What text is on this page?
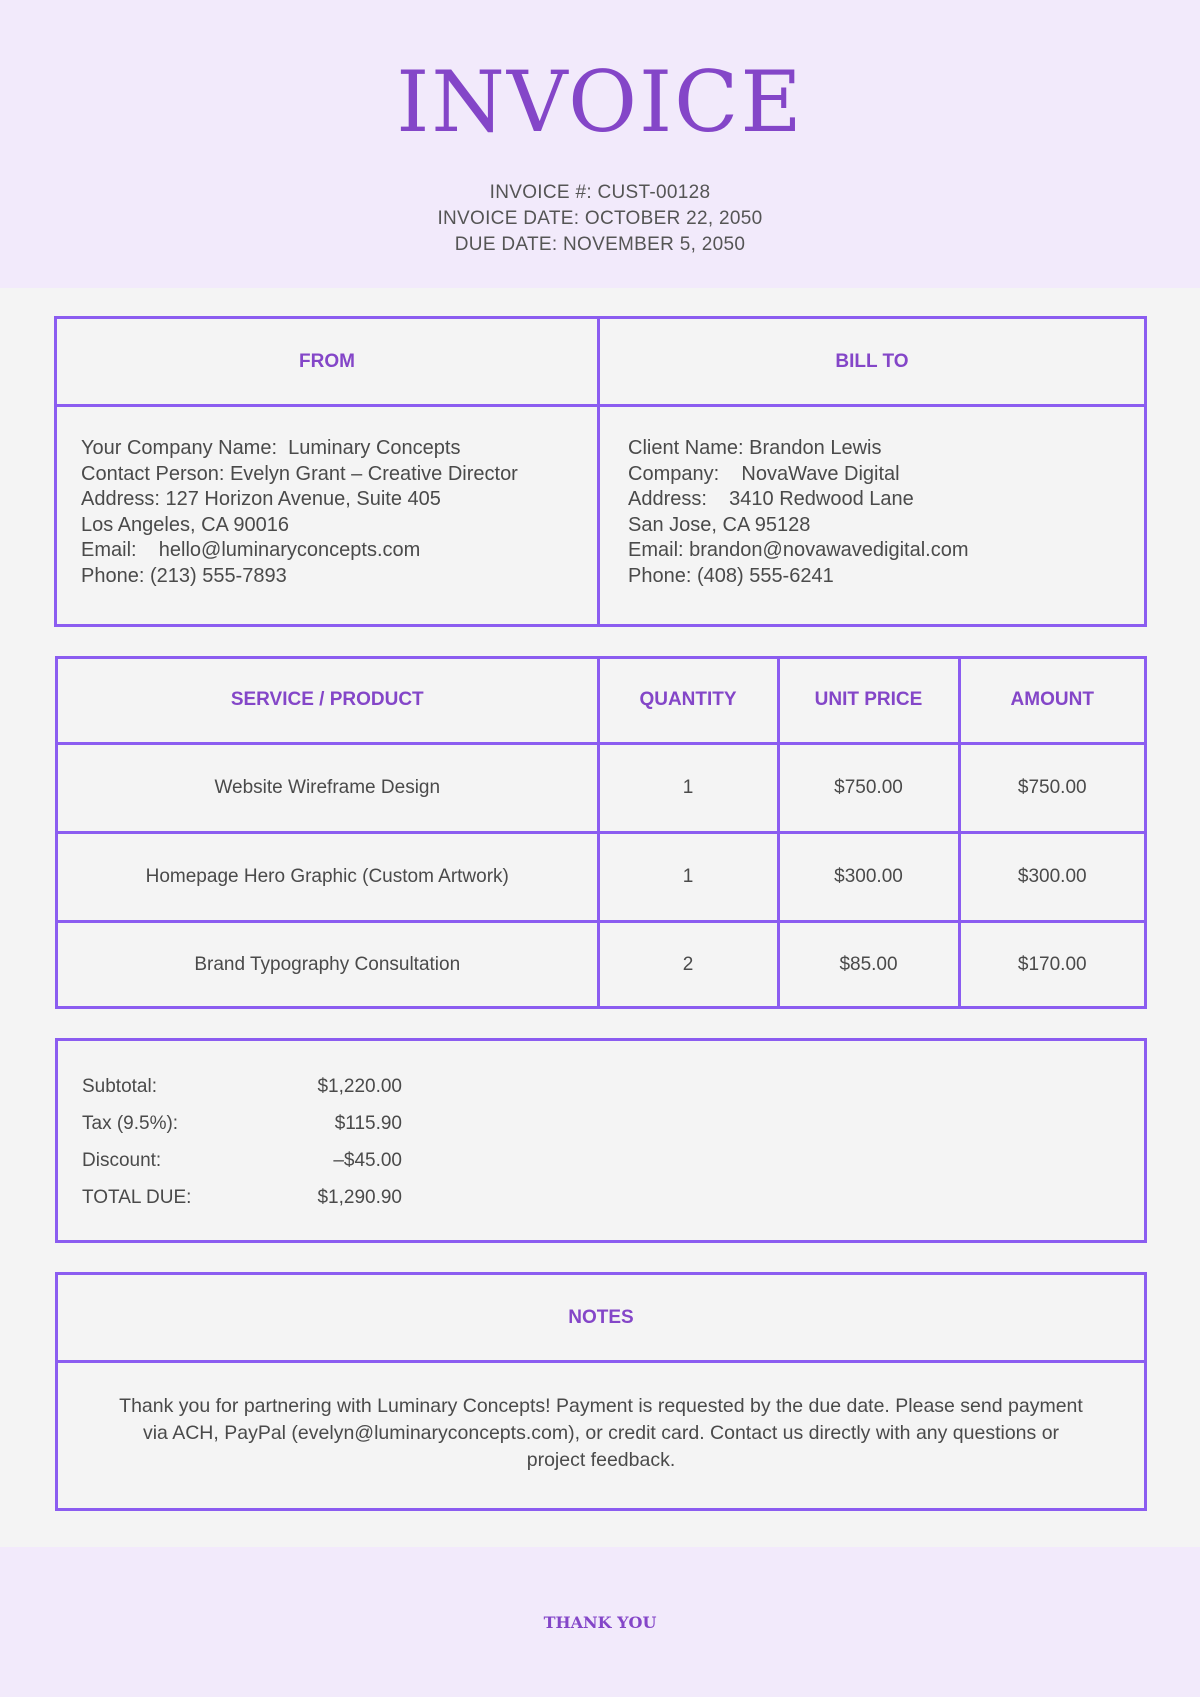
INVOICE
INVOICE #: CUST-00128
INVOICE DATE: OCTOBER 22, 2050
DUE DATE: NOVEMBER 5, 2050
FROM	BILL TO
Your Company Name:  Luminary Concepts
Contact Person: Evelyn Grant – Creative Director
Address: 127 Horizon Avenue, Suite 405
Los Angeles, CA 90016
Email:    hello@luminaryconcepts.com
Phone: (213) 555-7893
Client Name: Brandon Lewis
Company:    NovaWave Digital
Address:    3410 Redwood Lane
San Jose, CA 95128
Email: brandon@novawavedigital.com
Phone: (408) 555-6241
SERVICE / PRODUCT	QUANTITY	UNIT PRICE	AMOUNT
Website Wireframe Design	1	$750.00	$750.00
Homepage Hero Graphic (Custom Artwork)	1	$300.00	$300.00
Brand Typography Consultation	2	$85.00	$170.00
Subtotal:	$1,220.00
Tax (9.5%):	$115.90
Discount:	–$45.00
TOTAL DUE:	$1,290.90
NOTES
Thank you for partnering with Luminary Concepts! Payment is requested by the due date. Please send payment via ACH, PayPal (evelyn@luminaryconcepts.com), or credit card. Contact us directly with any questions or project feedback.
THANK YOU
